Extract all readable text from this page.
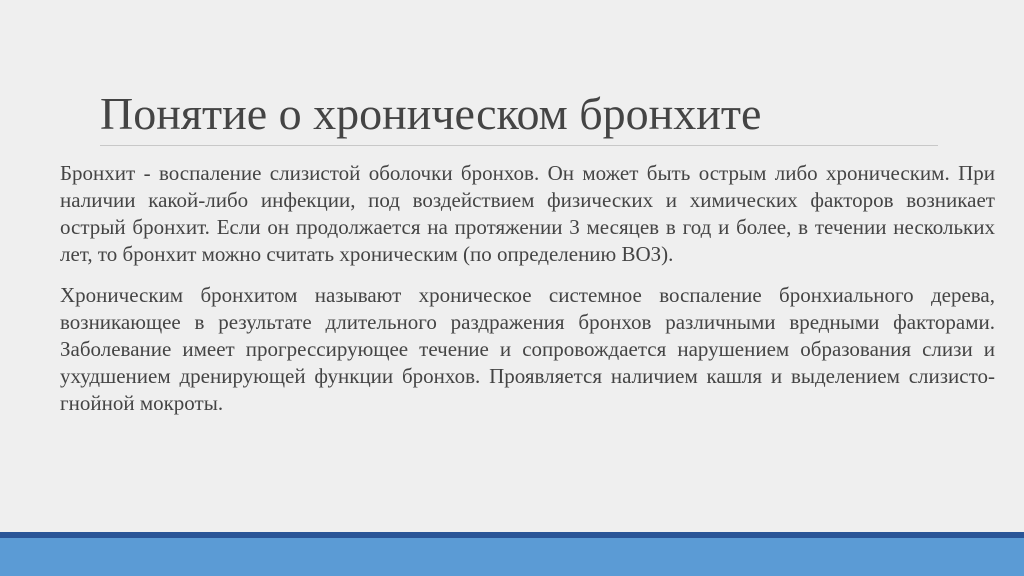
Понятие о хроническом бронхите

Бронхит - воспаление слизистой оболочки бронхов. Он может быть острым либо хроническим. При наличии какой-либо инфекции, под воздействием физических и химических факторов возникает острый бронхит. Если он продолжается на протяжении 3 месяцев в год и более, в течении нескольких лет, то бронхит можно считать хроническим (по определению ВОЗ).

Хроническим бронхитом называют хроническое системное воспаление бронхиального дерева, возникающее в результате длительного раздражения бронхов различными вредными факторами. Заболевание имеет прогрессирующее течение и сопровождается нарушением образования слизи и ухудшением дренирующей функции бронхов. Проявляется наличием кашля и выделением слизисто-гнойной мокроты.
